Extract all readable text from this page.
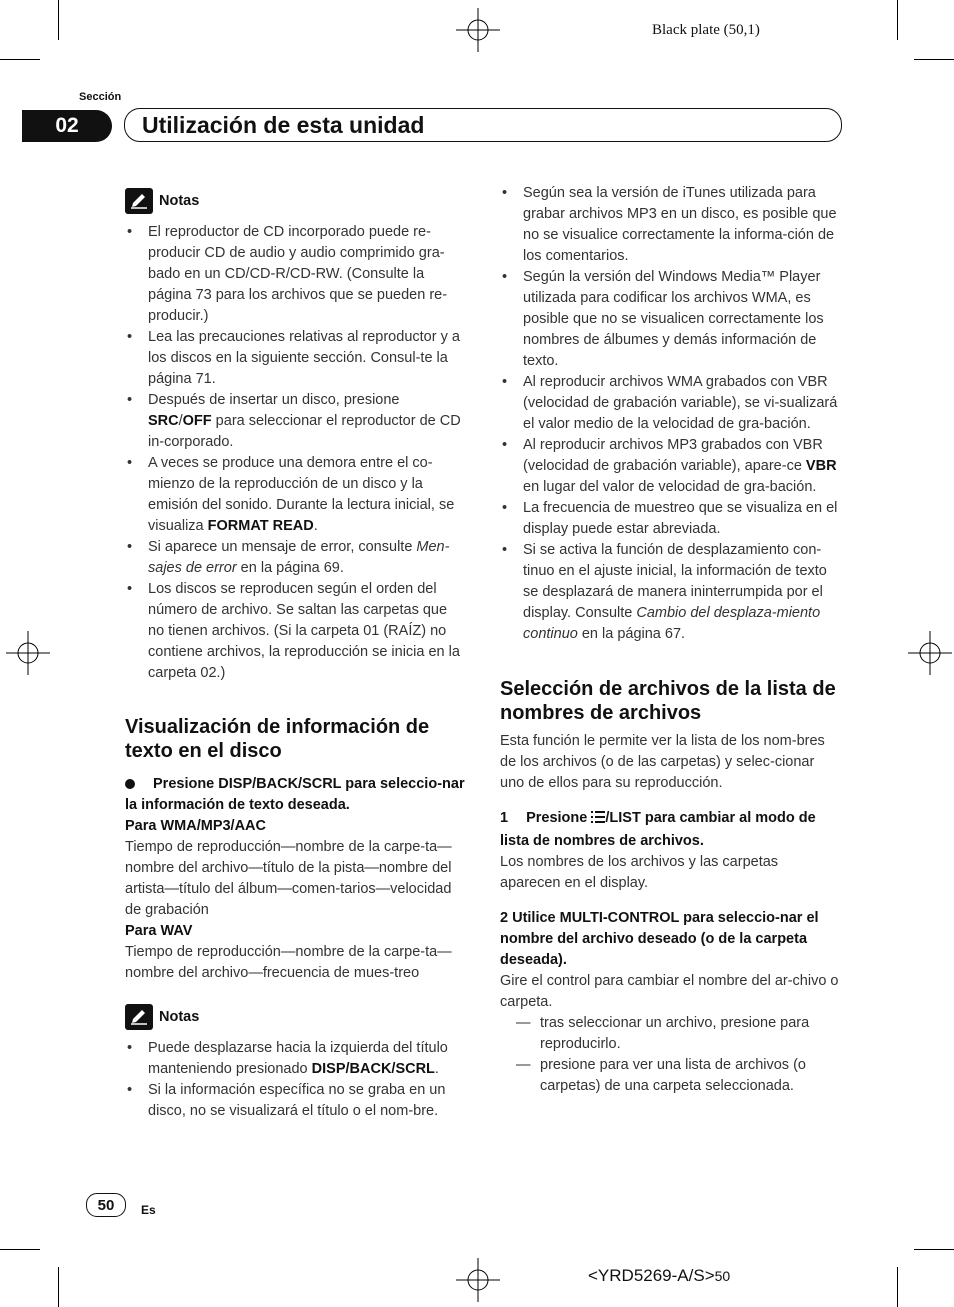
Black plate (50,1)
Sección
02	Utilización de esta unidad
Notas
• El reproductor de CD incorporado puede re-producir CD de audio y audio comprimido gra-bado en un CD/CD-R/CD-RW. (Consulte la página 73 para los archivos que se pueden re-producir.)
• Lea las precauciones relativas al reproductor y a los discos en la siguiente sección. Consul-te la página 71.
• Después de insertar un disco, presione SRC/OFF para seleccionar el reproductor de CD in-corporado.
• A veces se produce una demora entre el co-mienzo de la reproducción de un disco y la emisión del sonido. Durante la lectura inicial, se visualiza FORMAT READ.
• Si aparece un mensaje de error, consulte Men-sajes de error en la página 69.
• Los discos se reproducen según el orden del número de archivo. Se saltan las carpetas que no tienen archivos. (Si la carpeta 01 (RAÍZ) no contiene archivos, la reproducción se inicia en la carpeta 02.)
Visualización de información de texto en el disco
Presione DISP/BACK/SCRL para seleccio-nar la información de texto deseada.
Para WMA/MP3/AAC
Tiempo de reproducción—nombre de la carpe-ta—nombre del archivo—título de la pista—nombre del artista—título del álbum—comen-tarios—velocidad de grabación
Para WAV
Tiempo de reproducción—nombre de la carpe-ta—nombre del archivo—frecuencia de mues-treo
Notas
• Puede desplazarse hacia la izquierda del título manteniendo presionado DISP/BACK/SCRL.
• Si la información específica no se graba en un disco, no se visualizará el título o el nom-bre.
• Según sea la versión de iTunes utilizada para grabar archivos MP3 en un disco, es posible que no se visualice correctamente la informa-ción de los comentarios.
• Según la versión del Windows Media™ Player utilizada para codificar los archivos WMA, es posible que no se visualicen correctamente los nombres de álbumes y demás información de texto.
• Al reproducir archivos WMA grabados con VBR (velocidad de grabación variable), se vi-sualizará el valor medio de la velocidad de gra-bación.
• Al reproducir archivos MP3 grabados con VBR (velocidad de grabación variable), apare-ce VBR en lugar del valor de velocidad de gra-bación.
• La frecuencia de muestreo que se visualiza en el display puede estar abreviada.
• Si se activa la función de desplazamiento con-tinuo en el ajuste inicial, la información de texto se desplazará de manera ininterrumpida por el display. Consulte Cambio del desplaza-miento continuo en la página 67.
Selección de archivos de la lista de nombres de archivos
Esta función le permite ver la lista de los nom-bres de los archivos (o de las carpetas) y selec-cionar uno de ellos para su reproducción.
1 Presione /LIST para cambiar al modo de lista de nombres de archivos.
Los nombres de los archivos y las carpetas aparecen en el display.
2 Utilice MULTI-CONTROL para seleccio-nar el nombre del archivo deseado (o de la carpeta deseada).
Gire el control para cambiar el nombre del ar-chivo o carpeta.
— tras seleccionar un archivo, presione para reproducirlo.
— presione para ver una lista de archivos (o carpetas) de una carpeta seleccionada.
50	Es
<YRD5269-A/S>50
